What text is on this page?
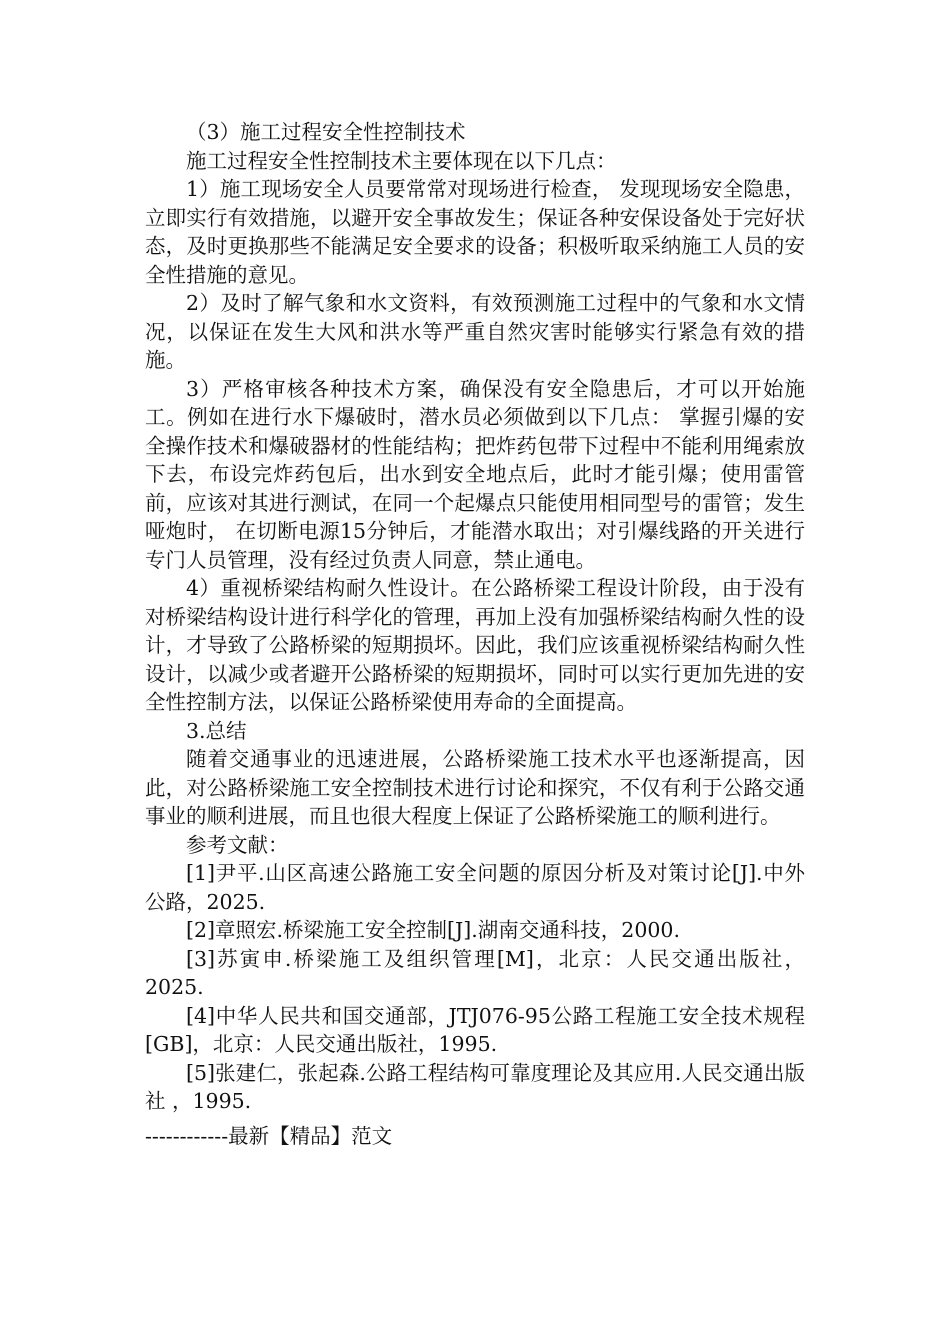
（3）施工过程安全性控制技术

施工过程安全性控制技术主要体现在以下几点：

1）施工现场安全人员要常常对现场进行检查， 发现现场安全隐患， 立即实行有效措施，以避开安全事故发生；保证各种安保设备处于完好状态，及时更换那些不能满足安全要求的设备；积极听取采纳施工人员的安全性措施的意见。

2）及时了解气象和水文资料，有效预测施工过程中的气象和水文情况，以保证在发生大风和洪水等严重自然灾害时能够实行紧急有效的措施。

3）严格审核各种技术方案，确保没有安全隐患后，才可以开始施工。例如在进行水下爆破时，潜水员必须做到以下几点： 掌握引爆的安全操作技术和爆破器材的性能结构；把炸药包带下过程中不能利用绳索放下去，布设完炸药包后，出水到安全地点后，此时才能引爆；使用雷管前，应该对其进行测试，在同一个起爆点只能使用相同型号的雷管；发生哑炮时， 在切断电源15分钟后，才能潜水取出；对引爆线路的开关进行专门人员管理，没有经过负责人同意，禁止通电。

4）重视桥梁结构耐久性设计。在公路桥梁工程设计阶段，由于没有对桥梁结构设计进行科学化的管理，再加上没有加强桥梁结构耐久性的设计，才导致了公路桥梁的短期损坏。因此，我们应该重视桥梁结构耐久性设计，以减少或者避开公路桥梁的短期损坏，同时可以实行更加先进的安全性控制方法，以保证公路桥梁使用寿命的全面提高。

3.总结

随着交通事业的迅速进展，公路桥梁施工技术水平也逐渐提高，因此，对公路桥梁施工安全控制技术进行讨论和探究，不仅有利于公路交通事业的顺利进展，而且也很大程度上保证了公路桥梁施工的顺利进行。

参考文献：

[1]尹平.山区高速公路施工安全问题的原因分析及对策讨论[J].中外公路，2025.

[2]章照宏.桥梁施工安全控制[J].湖南交通科技，2000.

[3]苏寅申.桥梁施工及组织管理[M]，北京：人民交通出版社，2025.

[4]中华人民共和国交通部，JTJ076-95公路工程施工安全技术规程[GB]，北京：人民交通出版社，1995.

[5]张建仁，张起森.公路工程结构可靠度理论及其应用.人民交通出版社 ，1995.

------------最新【精品】范文
